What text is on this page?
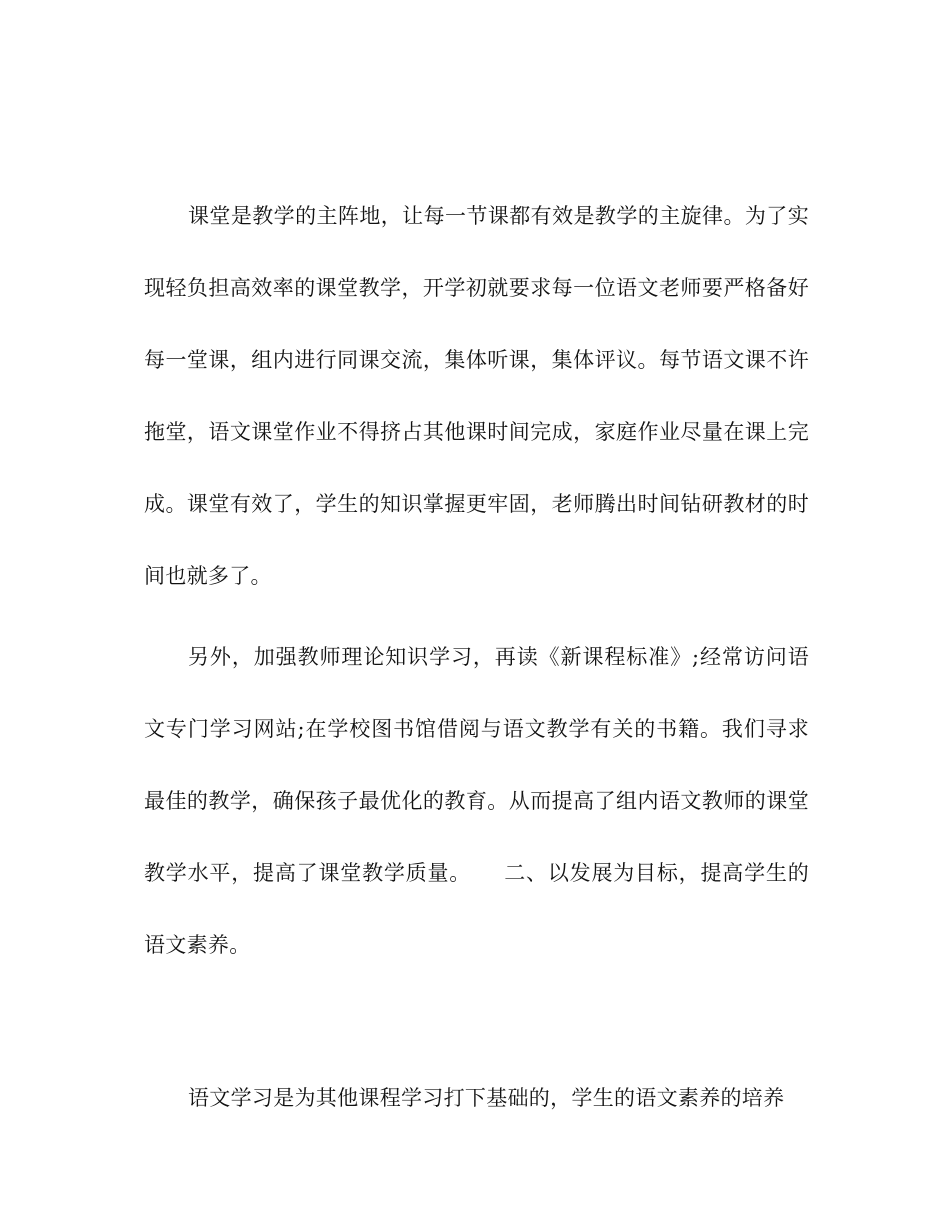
课堂是教学的主阵地，让每一节课都有效是教学的主旋律。为了实现轻负担高效率的课堂教学，开学初就要求每一位语文老师要严格备好每一堂课，组内进行同课交流，集体听课，集体评议。每节语文课不许拖堂，语文课堂作业不得挤占其他课时间完成，家庭作业尽量在课上完成。课堂有效了，学生的知识掌握更牢固，老师腾出时间钻研教材的时间也就多了。

另外，加强教师理论知识学习，再读《新课程标准》;经常访问语文专门学习网站;在学校图书馆借阅与语文教学有关的书籍。我们寻求最佳的教学，确保孩子最优化的教育。从而提高了组内语文教师的课堂教学水平，提高了课堂教学质量。　　二、以发展为目标，提高学生的语文素养。

语文学习是为其他课程学习打下基础的，学生的语文素养的培养
